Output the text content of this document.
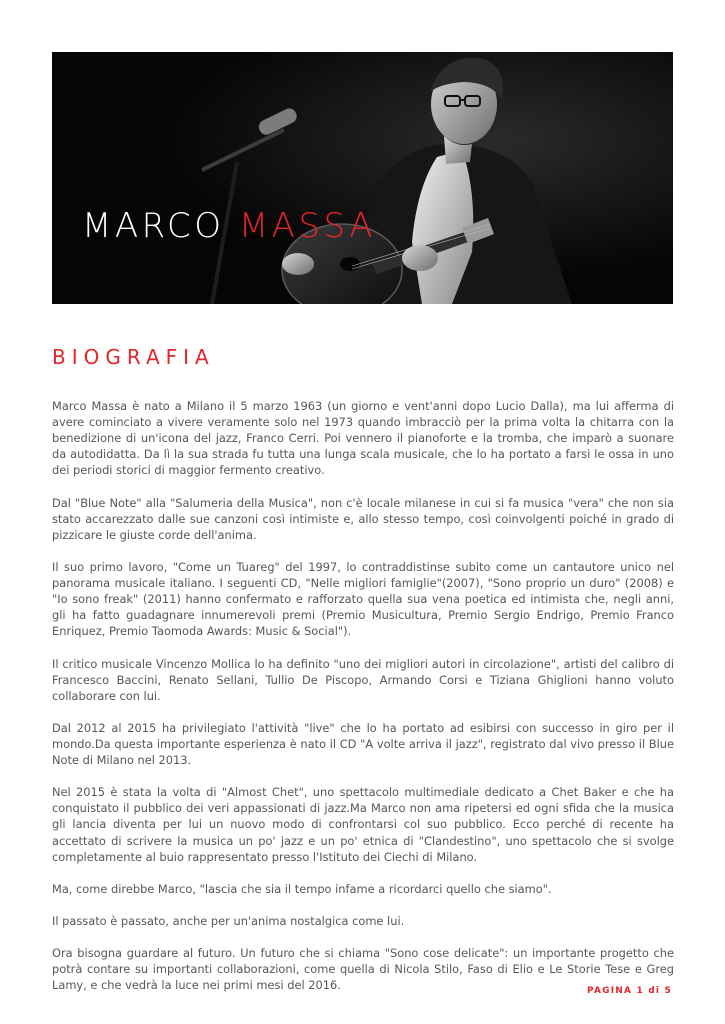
MARCO MASSA
BIOGRAFIA

Marco Massa è nato a Milano il 5 marzo 1963 (un giorno e vent'anni dopo Lucio Dalla), ma lui afferma di avere cominciato a vivere veramente solo nel 1973 quando imbracciò per la prima volta la chitarra con la benedizione di un'icona del jazz, Franco Cerri. Poi vennero il pianoforte e la tromba, che imparò a suonare da autodidatta. Da lì la sua strada fu tutta una lunga scala musicale, che lo ha portato a farsi le ossa in uno dei periodi storici di maggior fermento creativo.

Dal "Blue Note" alla "Salumeria della Musica", non c'è locale milanese in cui si fa musica "vera" che non sia stato accarezzato dalle sue canzoni così intimiste e, allo stesso tempo, così coinvolgenti poiché in grado di pizzicare le giuste corde dell'anima.

Il suo primo lavoro, "Come un Tuareg" del 1997, lo contraddistinse subito come un cantautore unico nel panorama musicale italiano. I seguenti CD, "Nelle migliori famiglie"(2007), "Sono proprio un duro" (2008) e "Io sono freak" (2011) hanno confermato e rafforzato quella sua vena poetica ed intimista che, negli anni, gli ha fatto guadagnare innumerevoli premi (Premio Musicultura, Premio Sergio Endrigo, Premio Franco Enriquez, Premio Taomoda Awards: Music & Social").

Il critico musicale Vincenzo Mollica lo ha definito "uno dei migliori autori in circolazione", artisti del calibro di Francesco Baccini, Renato Sellani, Tullio De Piscopo, Armando Corsi e Tiziana Ghiglioni hanno voluto collaborare con lui.

Dal 2012 al 2015 ha privilegiato l'attività "live" che lo ha portato ad esibirsi con successo in giro per il mondo.Da questa importante esperienza è nato il CD "A volte arriva il jazz", registrato dal vivo presso il Blue Note di Milano nel 2013.

Nel 2015 è stata la volta di "Almost Chet", uno spettacolo multimediale dedicato a Chet Baker e che ha conquistato il pubblico dei veri appassionati di jazz.Ma Marco non ama ripetersi ed ogni sfida che la musica gli lancia diventa per lui un nuovo modo di confrontarsi col suo pubblico. Ecco perché di recente ha accettato di scrivere la musica un po' jazz e un po' etnica di "Clandestino", uno spettacolo che si svolge completamente al buio rappresentato presso l'Istituto dei Ciechi di Milano.

Ma, come direbbe Marco, "lascia che sia il tempo infame a ricordarci quello che siamo".

Il passato è passato, anche per un'anima nostalgica come lui.

Ora bisogna guardare al futuro. Un futuro che si chiama "Sono cose delicate": un importante progetto che potrà contare su importanti collaborazioni, come quella di Nicola Stilo, Faso di Elio e Le Storie Tese e Greg Lamy, e che vedrà la luce nei primi mesi del 2016.	PAGINA 1 di 5
